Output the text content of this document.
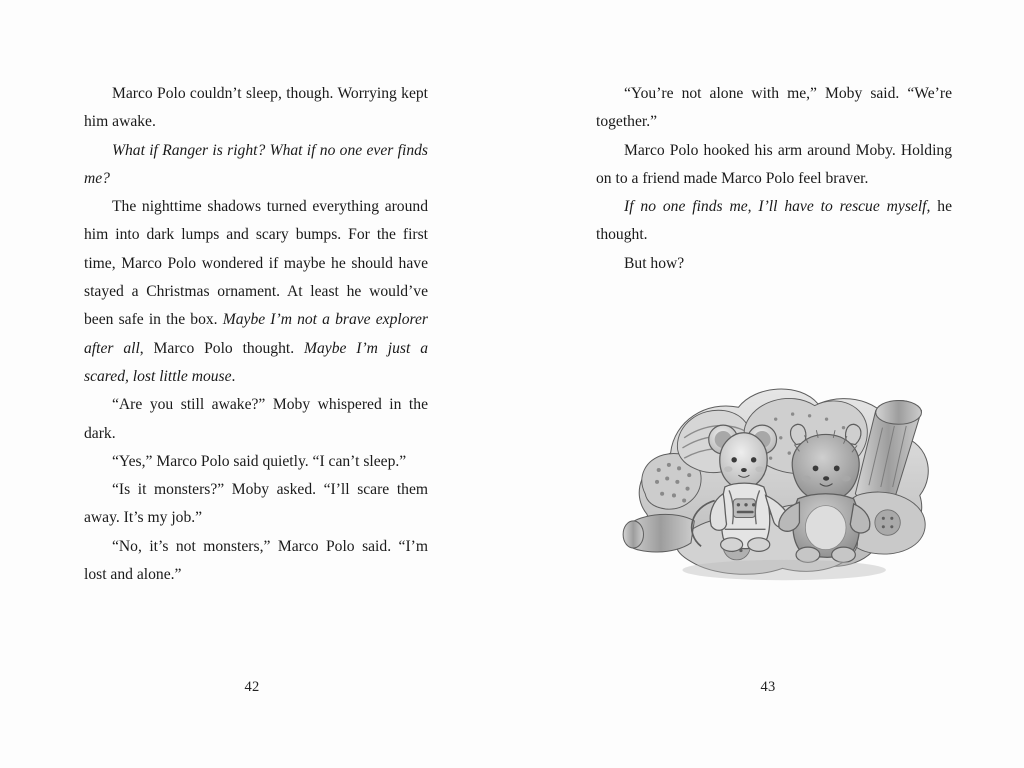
Marco Polo couldn’t sleep, though. Worrying kept him awake.

What if Ranger is right? What if no one ever finds me?

The nighttime shadows turned everything around him into dark lumps and scary bumps. For the first time, Marco Polo wondered if maybe he should have stayed a Christmas ornament. At least he would’ve been safe in the box. Maybe I’m not a brave explorer after all, Marco Polo thought. Maybe I’m just a scared, lost little mouse.

“Are you still awake?” Moby whispered in the dark.

“Yes,” Marco Polo said quietly. “I can’t sleep.”

“Is it monsters?” Moby asked. “I’ll scare them away. It’s my job.”

“No, it’s not monsters,” Marco Polo said. “I’m lost and alone.”

42

“You’re not alone with me,” Moby said. “We’re together.”

Marco Polo hooked his arm around Moby. Holding on to a friend made Marco Polo feel braver.

If no one finds me, I’ll have to rescue myself, he thought.

But how?

43
